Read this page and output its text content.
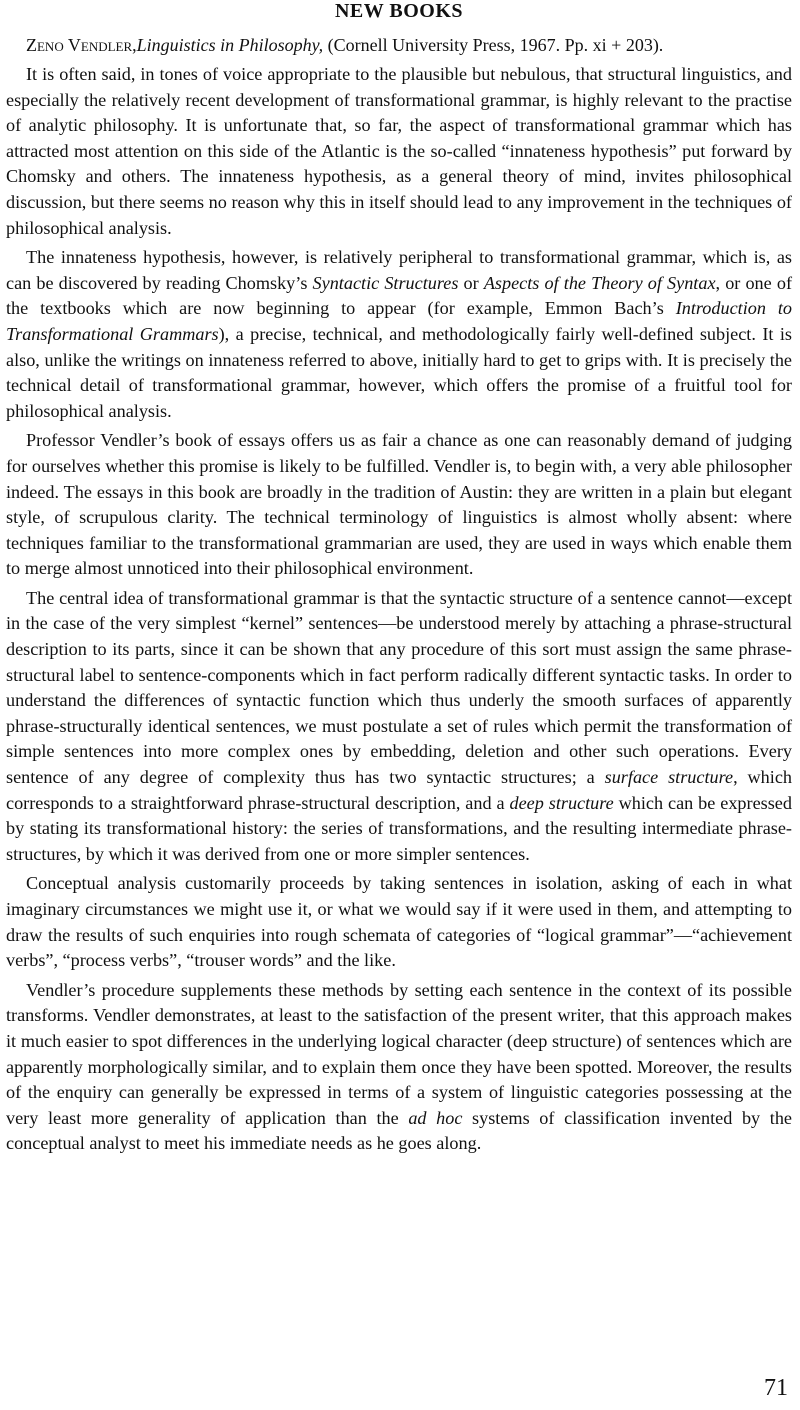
NEW BOOKS

Zeno Vendler,Linguistics in Philosophy, (Cornell University Press, 1967. Pp. xi + 203).

It is often said, in tones of voice appropriate to the plausible but nebulous, that structural linguistics, and especially the relatively recent development of transformational grammar, is highly relevant to the practise of analytic philosophy. It is unfortunate that, so far, the aspect of transformational grammar which has attracted most attention on this side of the Atlantic is the so-called “innateness hypothesis” put forward by Chomsky and others. The innateness hypothesis, as a general theory of mind, invites philosophical discussion, but there seems no reason why this in itself should lead to any improvement in the techniques of philosophical analysis.

The innateness hypothesis, however, is relatively peripheral to transformational grammar, which is, as can be discovered by reading Chomsky’s Syntactic Structures or Aspects of the Theory of Syntax, or one of the textbooks which are now beginning to appear (for example, Emmon Bach’s Introduction to Transformational Grammars), a precise, technical, and methodologically fairly well-defined subject. It is also, unlike the writings on innateness referred to above, initially hard to get to grips with. It is precisely the technical detail of transformational grammar, however, which offers the promise of a fruitful tool for philosophical analysis.

Professor Vendler’s book of essays offers us as fair a chance as one can reasonably demand of judging for ourselves whether this promise is likely to be fulfilled. Vendler is, to begin with, a very able philosopher indeed. The essays in this book are broadly in the tradition of Austin: they are written in a plain but elegant style, of scrupulous clarity. The technical terminology of linguistics is almost wholly absent: where techniques familiar to the transformational grammarian are used, they are used in ways which enable them to merge almost unnoticed into their philosophical environment.

The central idea of transformational grammar is that the syntactic structure of a sentence cannot—except in the case of the very simplest “kernel” sentences—be understood merely by attaching a phrase-structural description to its parts, since it can be shown that any procedure of this sort must assign the same phrase-structural label to sentence-components which in fact perform radically different syntactic tasks. In order to understand the differences of syntactic function which thus underly the smooth surfaces of apparently phrase-structurally identical sentences, we must postulate a set of rules which permit the transformation of simple sentences into more complex ones by embedding, deletion and other such operations. Every sentence of any degree of complexity thus has two syntactic structures; a surface structure, which corresponds to a straightforward phrase-structural description, and a deep structure which can be expressed by stating its transformational history: the series of transformations, and the resulting intermediate phrase-structures, by which it was derived from one or more simpler sentences.

Conceptual analysis customarily proceeds by taking sentences in isolation, asking of each in what imaginary circumstances we might use it, or what we would say if it were used in them, and attempting to draw the results of such enquiries into rough schemata of categories of “logical grammar”—“achievement verbs”, “process verbs”, “trouser words” and the like.

Vendler’s procedure supplements these methods by setting each sentence in the context of its possible transforms. Vendler demonstrates, at least to the satisfaction of the present writer, that this approach makes it much easier to spot differences in the underlying logical character (deep structure) of sentences which are apparently morphologically similar, and to explain them once they have been spotted. Moreover, the results of the enquiry can generally be expressed in terms of a system of linguistic categories possessing at the very least more generality of application than the ad hoc systems of classification invented by the conceptual analyst to meet his immediate needs as he goes along.

71
